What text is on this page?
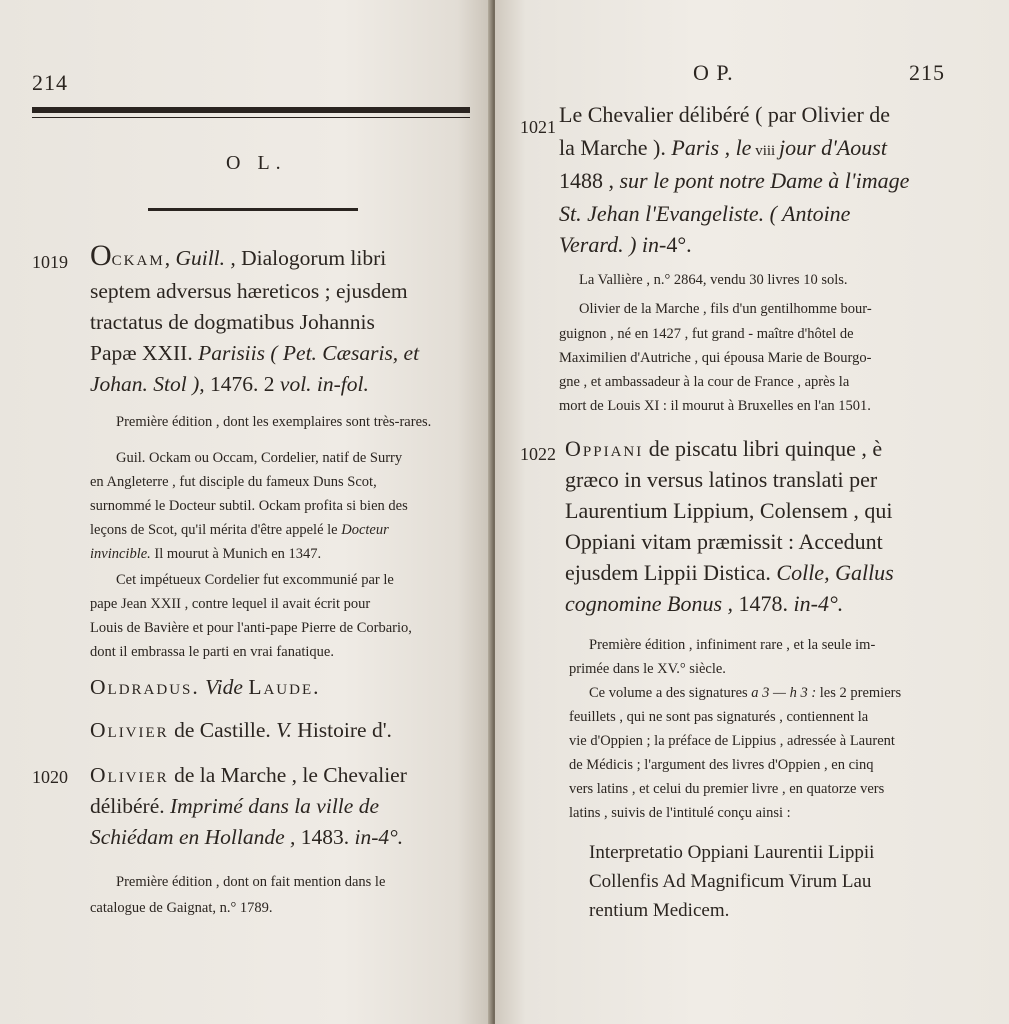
214
O L.
1019 Ockam, Guill. , Dialogorum libri
septem adversus hæreticos ; ejusdem
tractatus de dogmatibus Johannis
Papæ XXII. Parisiis ( Pet. Cæsaris, et
Johan. Stol ), 1476. 2 vol. in-fol.
Première édition , dont les exemplaires sont très-rares.
Guil. Ockam ou Occam, Cordelier, natif de Surry
en Angleterre , fut disciple du fameux Duns Scot,
surnommé le Docteur subtil. Ockam profita si bien des
leçons de Scot, qu'il mérita d'être appelé le Docteur
invincible. Il mourut à Munich en 1347.
Cet impétueux Cordelier fut excommunié par le
pape Jean XXII , contre lequel il avait écrit pour
Louis de Bavière et pour l'anti-pape Pierre de Corbario,
dont il embrassa le parti en vrai fanatique.
Oldradus. Vide Laude.
Olivier de Castille. V. Histoire d'.
1020 Olivier de la Marche , le Chevalier
délibéré. Imprimé dans la ville de
Schiédam en Hollande , 1483. in-4°.
Première édition , dont on fait mention dans le
catalogue de Gaignat, n.° 1789.
O P.	215
1021 Le Chevalier délibéré ( par Olivier de
la Marche ). Paris , le viii jour d'Aoust
1488 , sur le pont notre Dame à l'image
St. Jehan l'Evangeliste. ( Antoine
Verard. ) in-4°.
La Vallière , n.° 2864, vendu 30 livres 10 sols.
Olivier de la Marche , fils d'un gentilhomme bour-
guignon , né en 1427 , fut grand - maître d'hôtel de
Maximilien d'Autriche , qui épousa Marie de Bourgo-
gne , et ambassadeur à la cour de France , après la
mort de Louis XI : il mourut à Bruxelles en l'an 1501.
1022 Oppiani de piscatu libri quinque , è
græco in versus latinos translati per
Laurentium Lippium, Colensem , qui
Oppiani vitam præmissit : Accedunt
ejusdem Lippii Distica. Colle, Gallus
cognomine Bonus , 1478. in-4°.
Première édition , infiniment rare , et la seule im-
primée dans le XV.° siècle.
Ce volume a des signatures a 3 — h 3 : les 2 premiers
feuillets , qui ne sont pas signaturés , contiennent la
vie d'Oppien ; la préface de Lippius , adressée à Laurent
de Médicis ; l'argument des livres d'Oppien , en cinq
vers latins , et celui du premier livre , en quatorze vers
latins , suivis de l'intitulé conçu ainsi :
Interpretatio Oppiani Laurentii Lippii
Collenfis Ad Magnificum Virum Lau
rentium Medicem.
